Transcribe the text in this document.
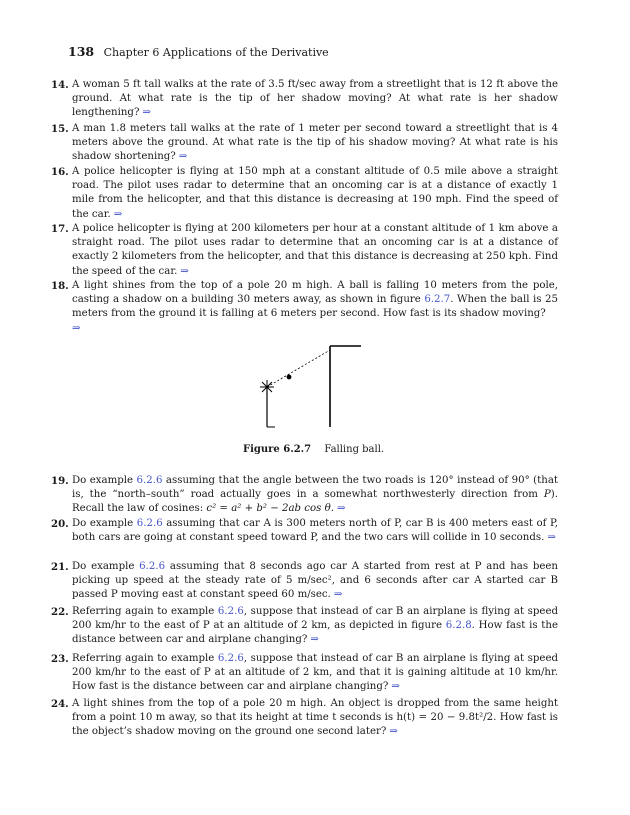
138 Chapter 6 Applications of the Derivative
14. A woman 5 ft tall walks at the rate of 3.5 ft/sec away from a streetlight that is 12 ft above the ground. At what rate is the tip of her shadow moving? At what rate is her shadow lengthening? ⇒
15. A man 1.8 meters tall walks at the rate of 1 meter per second toward a streetlight that is 4 meters above the ground. At what rate is the tip of his shadow moving? At what rate is his shadow shortening? ⇒
16. A police helicopter is flying at 150 mph at a constant altitude of 0.5 mile above a straight road. The pilot uses radar to determine that an oncoming car is at a distance of exactly 1 mile from the helicopter, and that this distance is decreasing at 190 mph. Find the speed of the car. ⇒
17. A police helicopter is flying at 200 kilometers per hour at a constant altitude of 1 km above a straight road. The pilot uses radar to determine that an oncoming car is at a distance of exactly 2 kilometers from the helicopter, and that this distance is decreasing at 250 kph. Find the speed of the car. ⇒
18. A light shines from the top of a pole 20 m high. A ball is falling 10 meters from the pole, casting a shadow on a building 30 meters away, as shown in figure 6.2.7. When the ball is 25 meters from the ground it is falling at 6 meters per second. How fast is its shadow moving?
⇒
Figure 6.2.7 Falling ball.
19. Do example 6.2.6 assuming that the angle between the two roads is 120° instead of 90° (that is, the “north–south” road actually goes in a somewhat northwesterly direction from P). Recall the law of cosines: c² = a² + b² − 2ab cos θ. ⇒
20. Do example 6.2.6 assuming that car A is 300 meters north of P, car B is 400 meters east of P, both cars are going at constant speed toward P, and the two cars will collide in 10 seconds. ⇒
21. Do example 6.2.6 assuming that 8 seconds ago car A started from rest at P and has been picking up speed at the steady rate of 5 m/sec², and 6 seconds after car A started car B passed P moving east at constant speed 60 m/sec. ⇒
22. Referring again to example 6.2.6, suppose that instead of car B an airplane is flying at speed 200 km/hr to the east of P at an altitude of 2 km, as depicted in figure 6.2.8. How fast is the distance between car and airplane changing? ⇒
23. Referring again to example 6.2.6, suppose that instead of car B an airplane is flying at speed 200 km/hr to the east of P at an altitude of 2 km, and that it is gaining altitude at 10 km/hr. How fast is the distance between car and airplane changing? ⇒
24. A light shines from the top of a pole 20 m high. An object is dropped from the same height from a point 10 m away, so that its height at time t seconds is h(t) = 20 − 9.8t²/2. How fast is the object’s shadow moving on the ground one second later? ⇒
